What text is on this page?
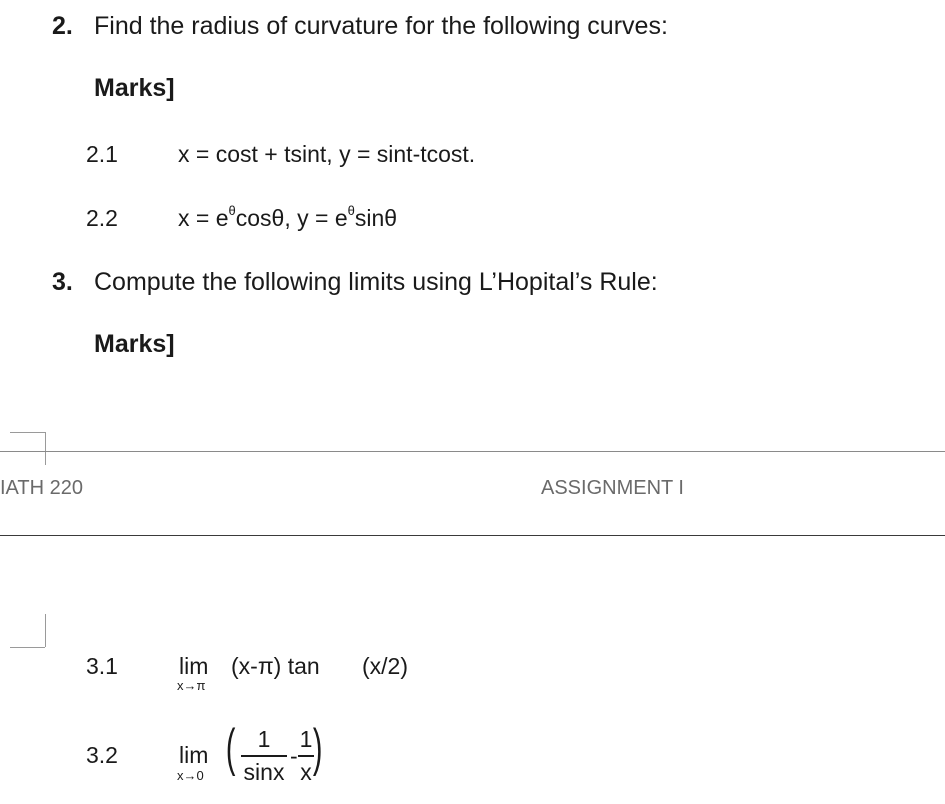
2. Find the radius of curvature for the following curves:
Marks]
2.1	x = cost + tsint, y = sint-tcost.
2.2	$x = e^\theta\cos\theta$, $y = e^\theta\sin\theta$
3. Compute the following limits using L’Hopital’s Rule:
Marks]
IATH 220	ASSIGNMENT I
3.1	lim
x→π
(x-π) tan (x/2)
3.2	lim
x→0 ( 1
sinx
-
1
x )
